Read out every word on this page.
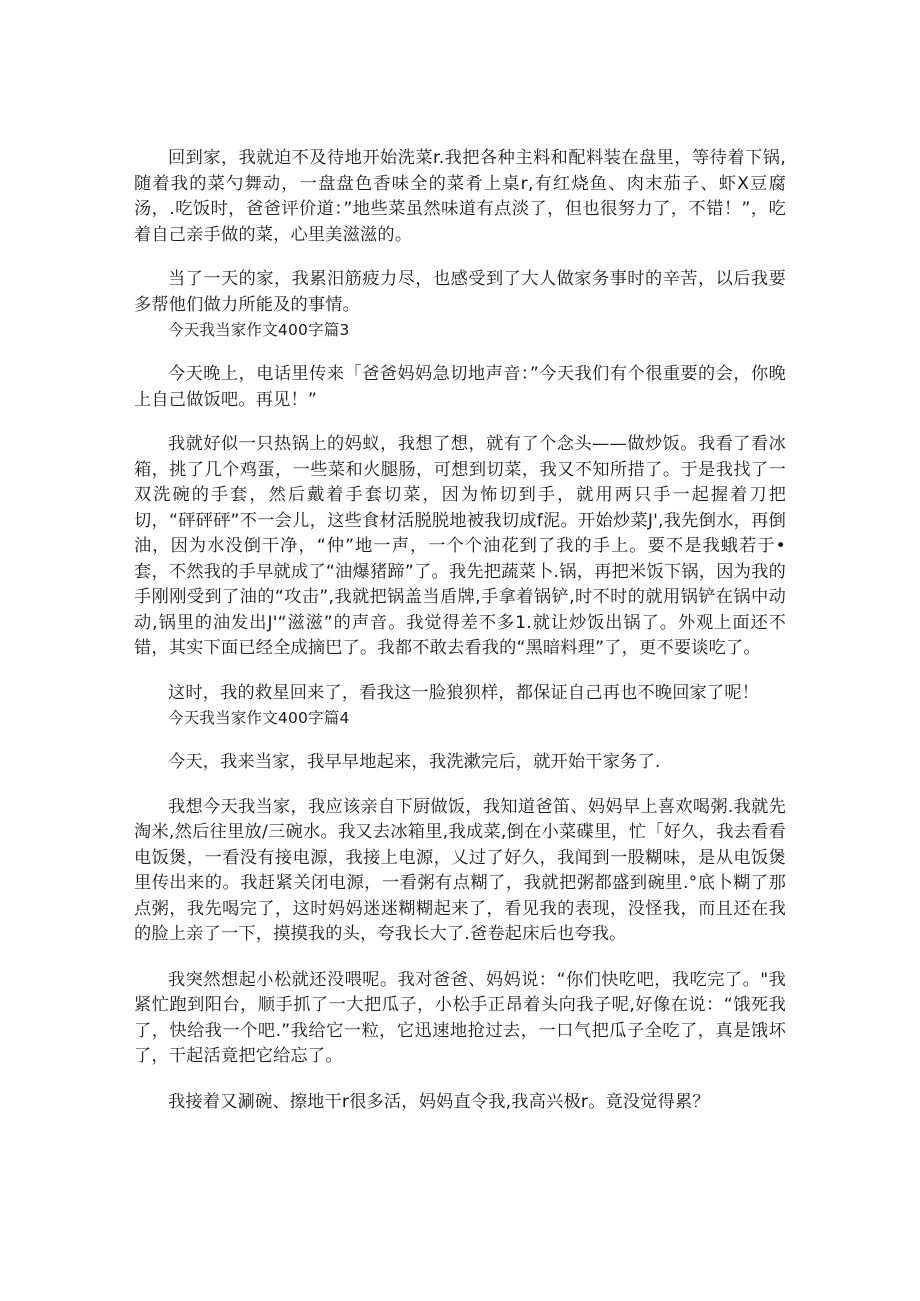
回到家，我就迫不及待地开始洗菜r.我把各种主料和配料装在盘里，等待着下锅,随着我的菜勺舞动，一盘盘色香味全的菜肴上桌r,有红烧鱼、肉末茄子、虾X豆腐汤，.吃饭时，爸爸评价道：”地些菜虽然味道有点淡了，但也很努力了，不错！”，吃着自己亲手做的菜，心里美滋滋的。

当了一天的家，我累汨筋疲力尽，也感受到了大人做家务事时的辛苦，以后我要多帮他们做力所能及的事情。

今天我当家作文400字篇3

今天晚上，电话里传来「爸爸妈妈急切地声音：”今天我们有个很重要的会，你晚上自己做饭吧。再见！”

我就好似一只热锅上的妈蚁，我想了想，就有了个念头——做炒饭。我看了看冰箱，挑了几个鸡蛋，一些菜和火腿肠，可想到切菜，我又不知所措了。于是我找了一双洗碗的手套，然后戴着手套切菜，因为怖切到手，就用两只手一起握着刀把切，“砰砰砰”不一会儿，这些食材活脱脱地被我切成f泥。开始炒菜J',我先倒水，再倒油，因为水没倒干净，“仲”地一声，一个个油花到了我的手上。要不是我蛾若于•套，不然我的手早就成了“油爆猪蹄”了。我先把蔬菜卜.锅，再把米饭下锅，因为我的手刚刚受到了油的“攻击”,我就把锅盖当盾牌,手拿着锅铲,时不时的就用锅铲在锅中动动,锅里的油发出J'“滋滋”的声音。我觉得差不多1.就让炒饭出锅了。外观上面还不错，其实下面已经全成摘巴了。我都不敢去看我的“黑暗料理”了，更不要谈吃了。

这时，我的救星回来了，看我这一脸狼狈样，都保证自己再也不晚回家了呢！

今天我当家作文400字篇4

今天，我来当家，我早早地起来，我洗漱完后，就开始干家务了.

我想今天我当家，我应该亲自下厨做饭，我知道爸笛、妈妈早上喜欢喝粥.我就先淘米,然后往里放/三碗水。我又去冰箱里,我成菜,倒在小菜碟里，忙「好久，我去看看电饭煲，一看没有接电源，我接上电源，乂过了好久，我闻到一股糊味，是从电饭煲里传出来的。我赶紧关闭电源，一看粥有点糊了，我就把粥都盛到碗里.°底卜糊了那点粥，我先喝完了，这时妈妈迷迷糊糊起来了，看见我的表现，没怪我，而且还在我的脸上亲了一下，摸摸我的头，夸我长大了.爸卷起床后也夸我。

我突然想起小松就还没喂呢。我对爸爸、妈妈说：“你们快吃吧，我吃完了。"我紧忙跑到阳台，顺手抓了一大把瓜子，小松手正昂着头向我子呢,好像在说：“饿死我了，快给我一个吧.”我给它一粒，它迅速地抢过去，一口气把瓜子全吃了，真是饿坏了，干起活竟把它给忘了。

我接着又涮碗、擦地干r很多活，妈妈直令我,我高兴极r。竟没觉得累？
